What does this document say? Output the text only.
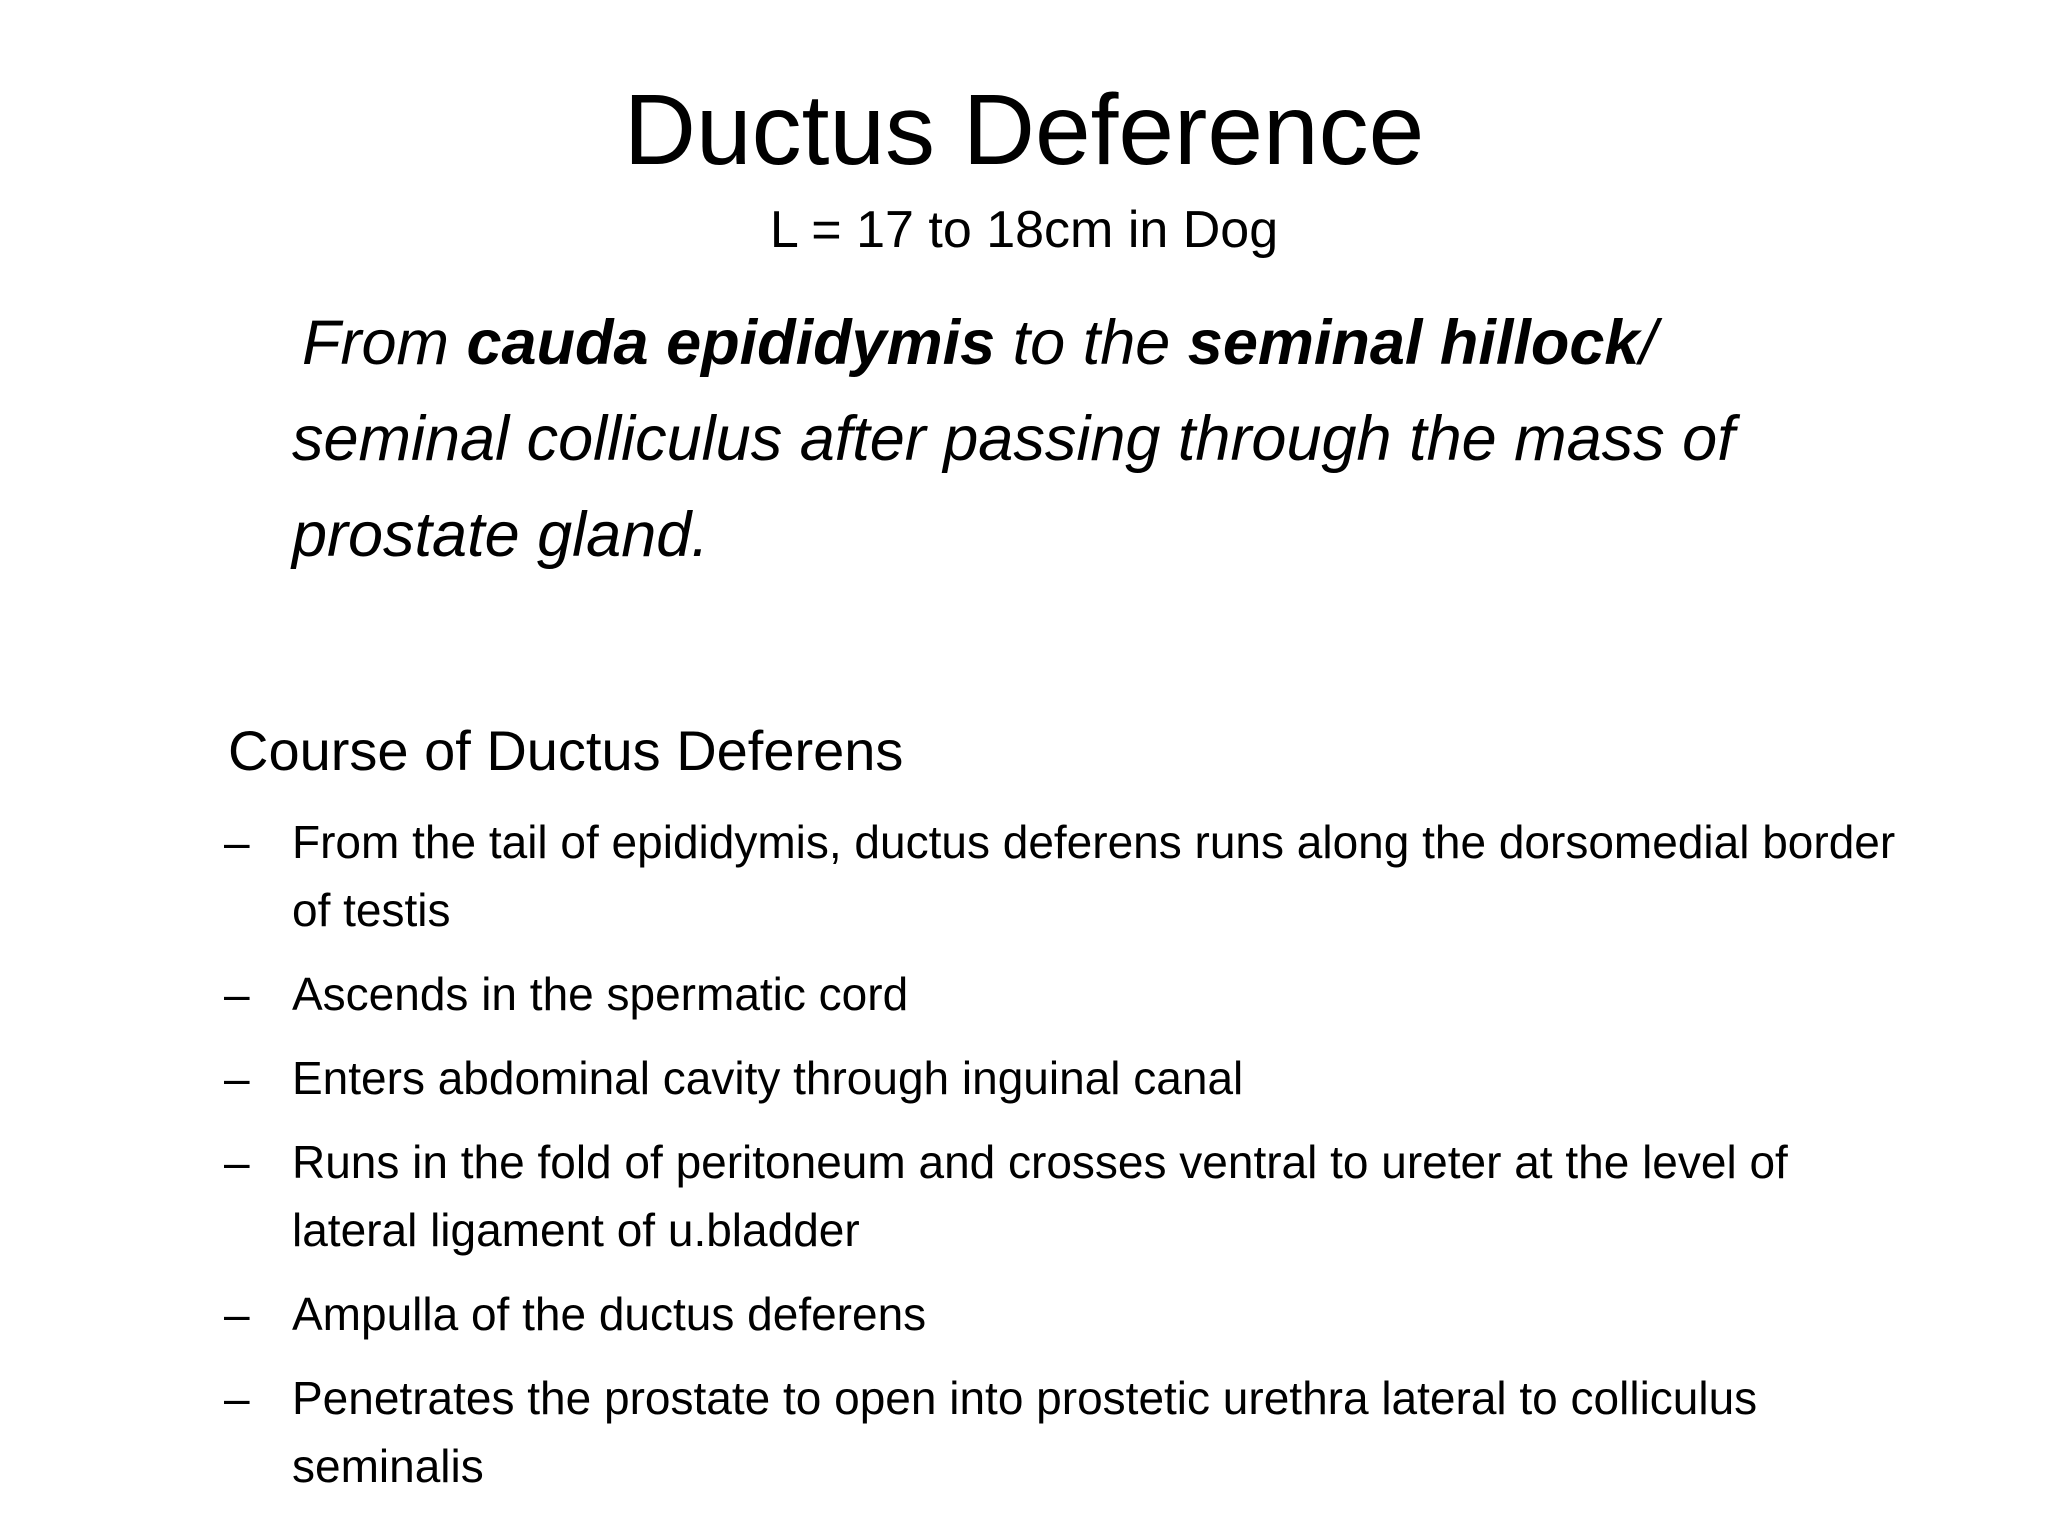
Ductus Deference
L = 17 to 18cm in Dog

From cauda epididymis to the seminal hillock/
seminal colliculus after passing through the mass of prostate gland.

Course of Ductus Deferens
– From the tail of epididymis, ductus deferens runs along the dorsomedial border of testis
– Ascends in the spermatic cord
– Enters abdominal cavity through inguinal canal
– Runs in the fold of peritoneum and crosses ventral to ureter at the level of lateral ligament of u.bladder
– Ampulla of the ductus deferens
– Penetrates the prostate to open into prostetic urethra lateral to colliculus seminalis
